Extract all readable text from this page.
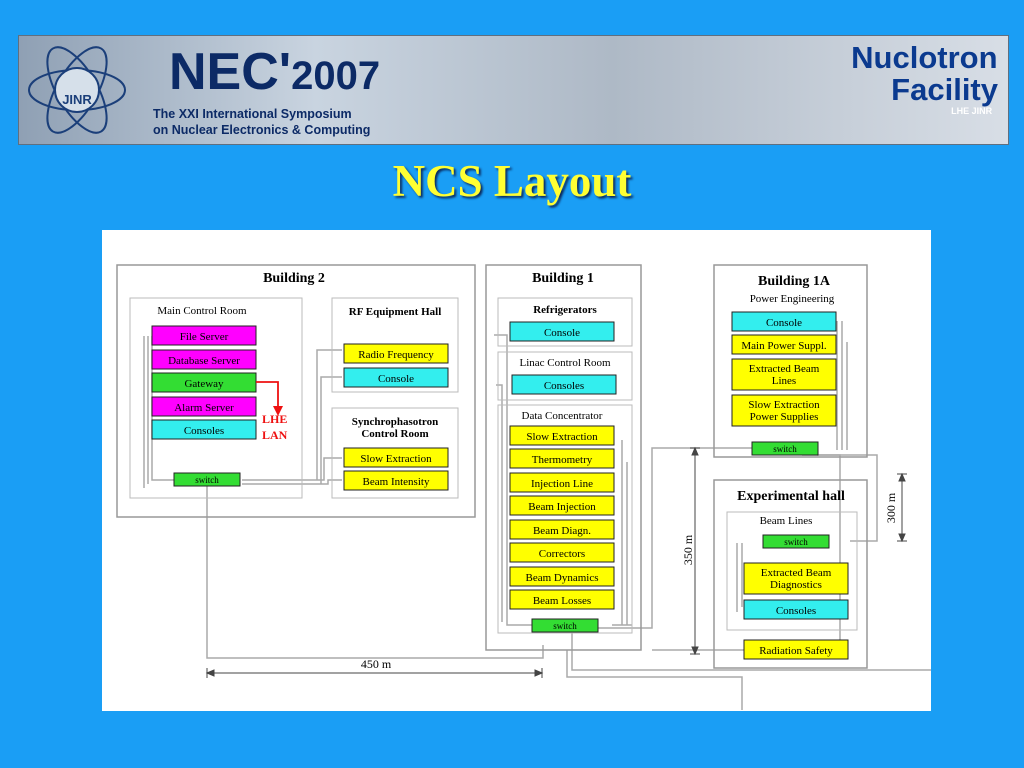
JINR NEC'2007
The XXI International Symposium
on Nuclear Electronics & Computing
Nuclotron
Facility
LHE JINR
NCS Layout
Building 2
Main Control Room
File Server
Database Server
Gateway
Alarm Server
Consoles
switch
LHE
LAN
RF Equipment Hall
Radio Frequency
Console
Synchrophasotron
Control Room
Slow Extraction
Beam Intensity
Building 1
Refrigerators
Console
Linac Control Room
Consoles
Data Concentrator
Slow Extraction
Thermometry
Injection Line
Beam Injection
Beam Diagn.
Correctors
Beam Dynamics
Beam Losses
switch
Building 1A
Power Engineering
Console
Main Power Suppl.
Extracted Beam
Lines
Slow Extraction
Power Supplies
switch
Experimental hall
Beam Lines
switch
Extracted Beam
Diagnostics
Consoles
Radiation Safety
450 m
350 m
300 m
